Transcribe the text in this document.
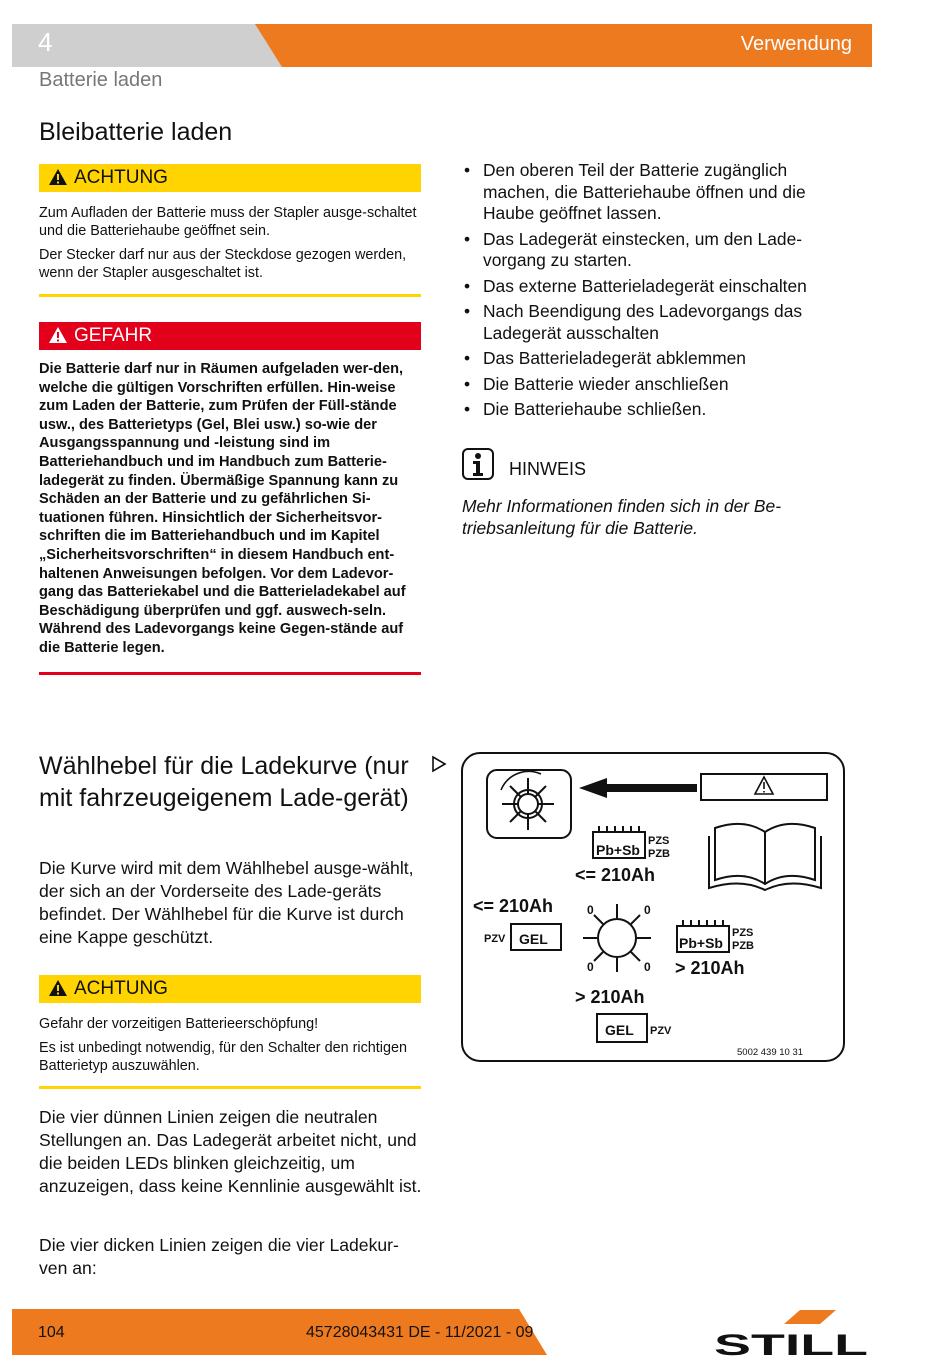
4	Verwendung
Batterie laden
Bleibatterie laden
ACHTUNG

Zum Aufladen der Batterie muss der Stapler ausge-schaltet und die Batteriehaube geöffnet sein.

Der Stecker darf nur aus der Steckdose gezogen werden, wenn der Stapler ausgeschaltet ist.

GEFAHR
Die Batterie darf nur in Räumen aufgeladen wer-den, welche die gültigen Vorschriften erfüllen. Hin-weise zum Laden der Batterie, zum Prüfen der Füll-stände usw., des Batterietyps (Gel, Blei usw.) so-wie der Ausgangsspannung und -leistung sind im Batteriehandbuch und im Handbuch zum Batterie-ladegerät zu finden. Übermäßige Spannung kann zu Schäden an der Batterie und zu gefährlichen Si-tuationen führen. Hinsichtlich der Sicherheitsvor-schriften die im Batteriehandbuch und im Kapitel „Sicherheitsvorschriften“ in diesem Handbuch ent-haltenen Anweisungen befolgen. Vor dem Ladevor-gang das Batteriekabel und die Batterieladekabel auf Beschädigung überprüfen und ggf. auswech-seln. Während des Ladevorgangs keine Gegen-stände auf die Batterie legen.
• Den oberen Teil der Batterie zugänglich machen, die Batteriehaube öffnen und die Haube geöffnet lassen.
• Das Ladegerät einstecken, um den Lade-vorgang zu starten.
• Das externe Batterieladegerät einschalten
• Nach Beendigung des Ladevorgangs das Ladegerät ausschalten
• Das Batterieladegerät abklemmen
• Die Batterie wieder anschließen
• Die Batteriehaube schließen.
HINWEIS
Mehr Informationen finden sich in der Be-triebsanleitung für die Batterie.
Wählhebel für die Ladekurve (nur mit fahrzeugeigenem Lade-gerät)
Die Kurve wird mit dem Wählhebel ausge-wählt, der sich an der Vorderseite des Lade-geräts befindet. Der Wählhebel für die Kurve ist durch eine Kappe geschützt.
ACHTUNG

Gefahr der vorzeitigen Batterieerschöpfung!

Es ist unbedingt notwendig, für den Schalter den richtigen Batterietyp auszuwählen.

Die vier dünnen Linien zeigen die neutralen Stellungen an. Das Ladegerät arbeitet nicht, und die beiden LEDs blinken gleichzeitig, um anzuzeigen, dass keine Kennlinie ausgewählt ist.
Die vier dicken Linien zeigen die vier Ladekur-ven an:
Pb+Sb
PZS
PZB
<= 210Ah
0	0
0	0
<= 210Ah
GEL
PZV	Pb+Sb
PZS
PZB
> 210Ah
> 210Ah
GEL PZV
5002 439 10 31
104	45728043431 DE - 11/2021 - 09	STILL
